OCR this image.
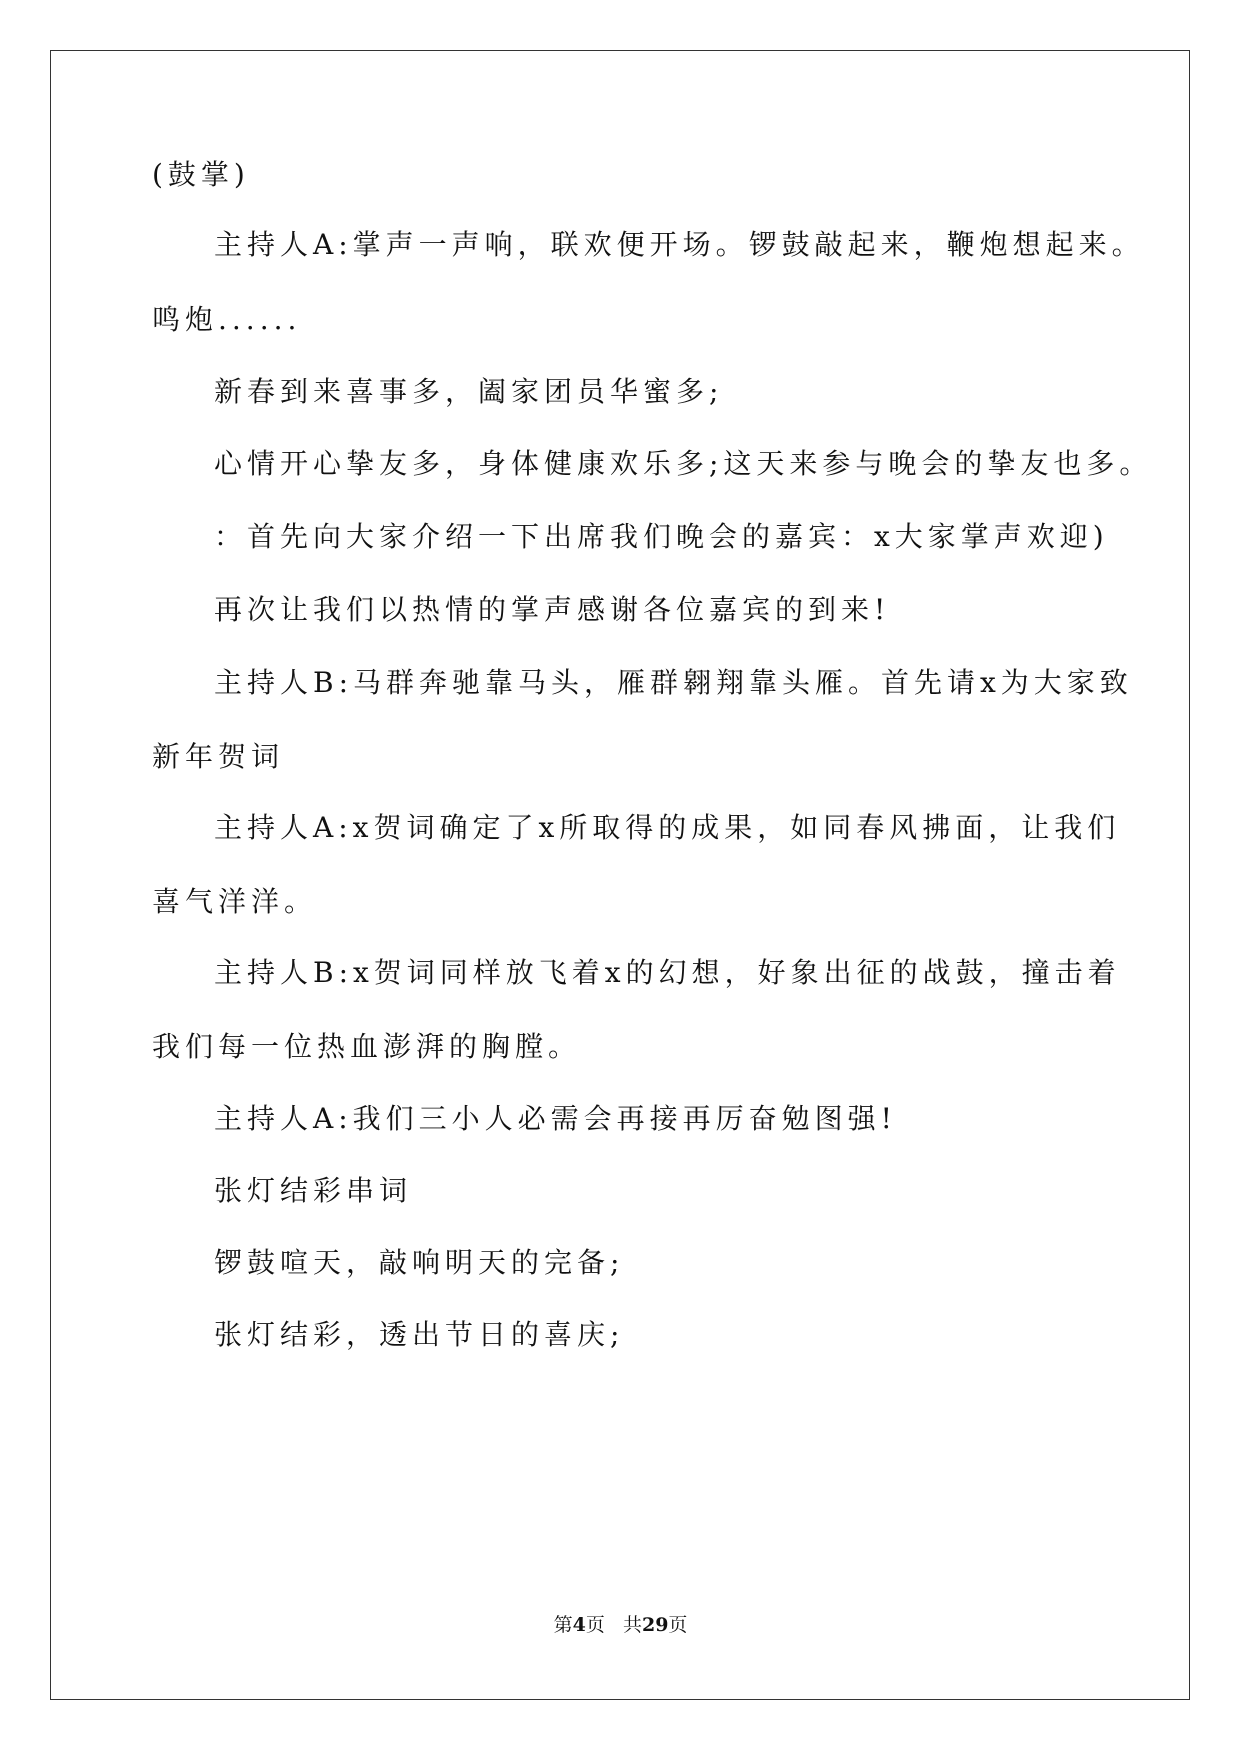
(鼓掌)
主持人A:掌声一声响，联欢便开场。锣鼓敲起来，鞭炮想起来。
鸣炮......
新春到来喜事多，阖家团员华蜜多;
心情开心挚友多，身体健康欢乐多;这天来参与晚会的挚友也多。
：首先向大家介绍一下出席我们晚会的嘉宾：x大家掌声欢迎)
再次让我们以热情的掌声感谢各位嘉宾的到来!
主持人B:马群奔驰靠马头，雁群翱翔靠头雁。首先请x为大家致
新年贺词
主持人A:x贺词确定了x所取得的成果，如同春风拂面，让我们
喜气洋洋。
主持人B:x贺词同样放飞着x的幻想，好象出征的战鼓，撞击着
我们每一位热血澎湃的胸膛。
主持人A:我们三小人必需会再接再厉奋勉图强!
张灯结彩串词
锣鼓喧天，敲响明天的完备;
张灯结彩，透出节日的喜庆;
第4页 共29页
